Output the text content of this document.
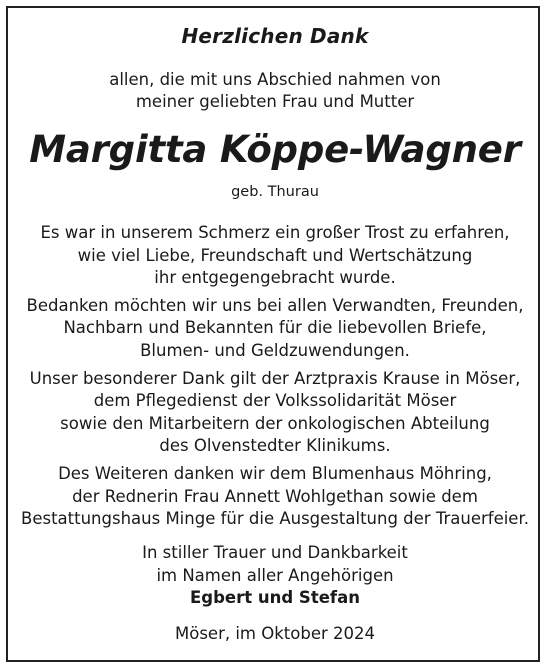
Herzlichen Dank
allen, die mit uns Abschied nahmen von
meiner geliebten Frau und Mutter
Margitta Köppe-Wagner
geb. Thurau

Es war in unserem Schmerz ein großer Trost zu erfahren,
wie viel Liebe, Freundschaft und Wertschätzung
ihr entgegengebracht wurde.

Bedanken möchten wir uns bei allen Verwandten, Freunden,
Nachbarn und Bekannten für die liebevollen Briefe,
Blumen- und Geldzuwendungen.

Unser besonderer Dank gilt der Arztpraxis Krause in Möser,
dem Pflegedienst der Volkssolidarität Möser
sowie den Mitarbeitern der onkologischen Abteilung
des Olvenstedter Klinikums.

Des Weiteren danken wir dem Blumenhaus Möhring,
der Rednerin Frau Annett Wohlgethan sowie dem
Bestattungshaus Minge für die Ausgestaltung der Trauerfeier.

In stiller Trauer und Dankbarkeit
im Namen aller Angehörigen
Egbert und Stefan
Möser, im Oktober 2024
